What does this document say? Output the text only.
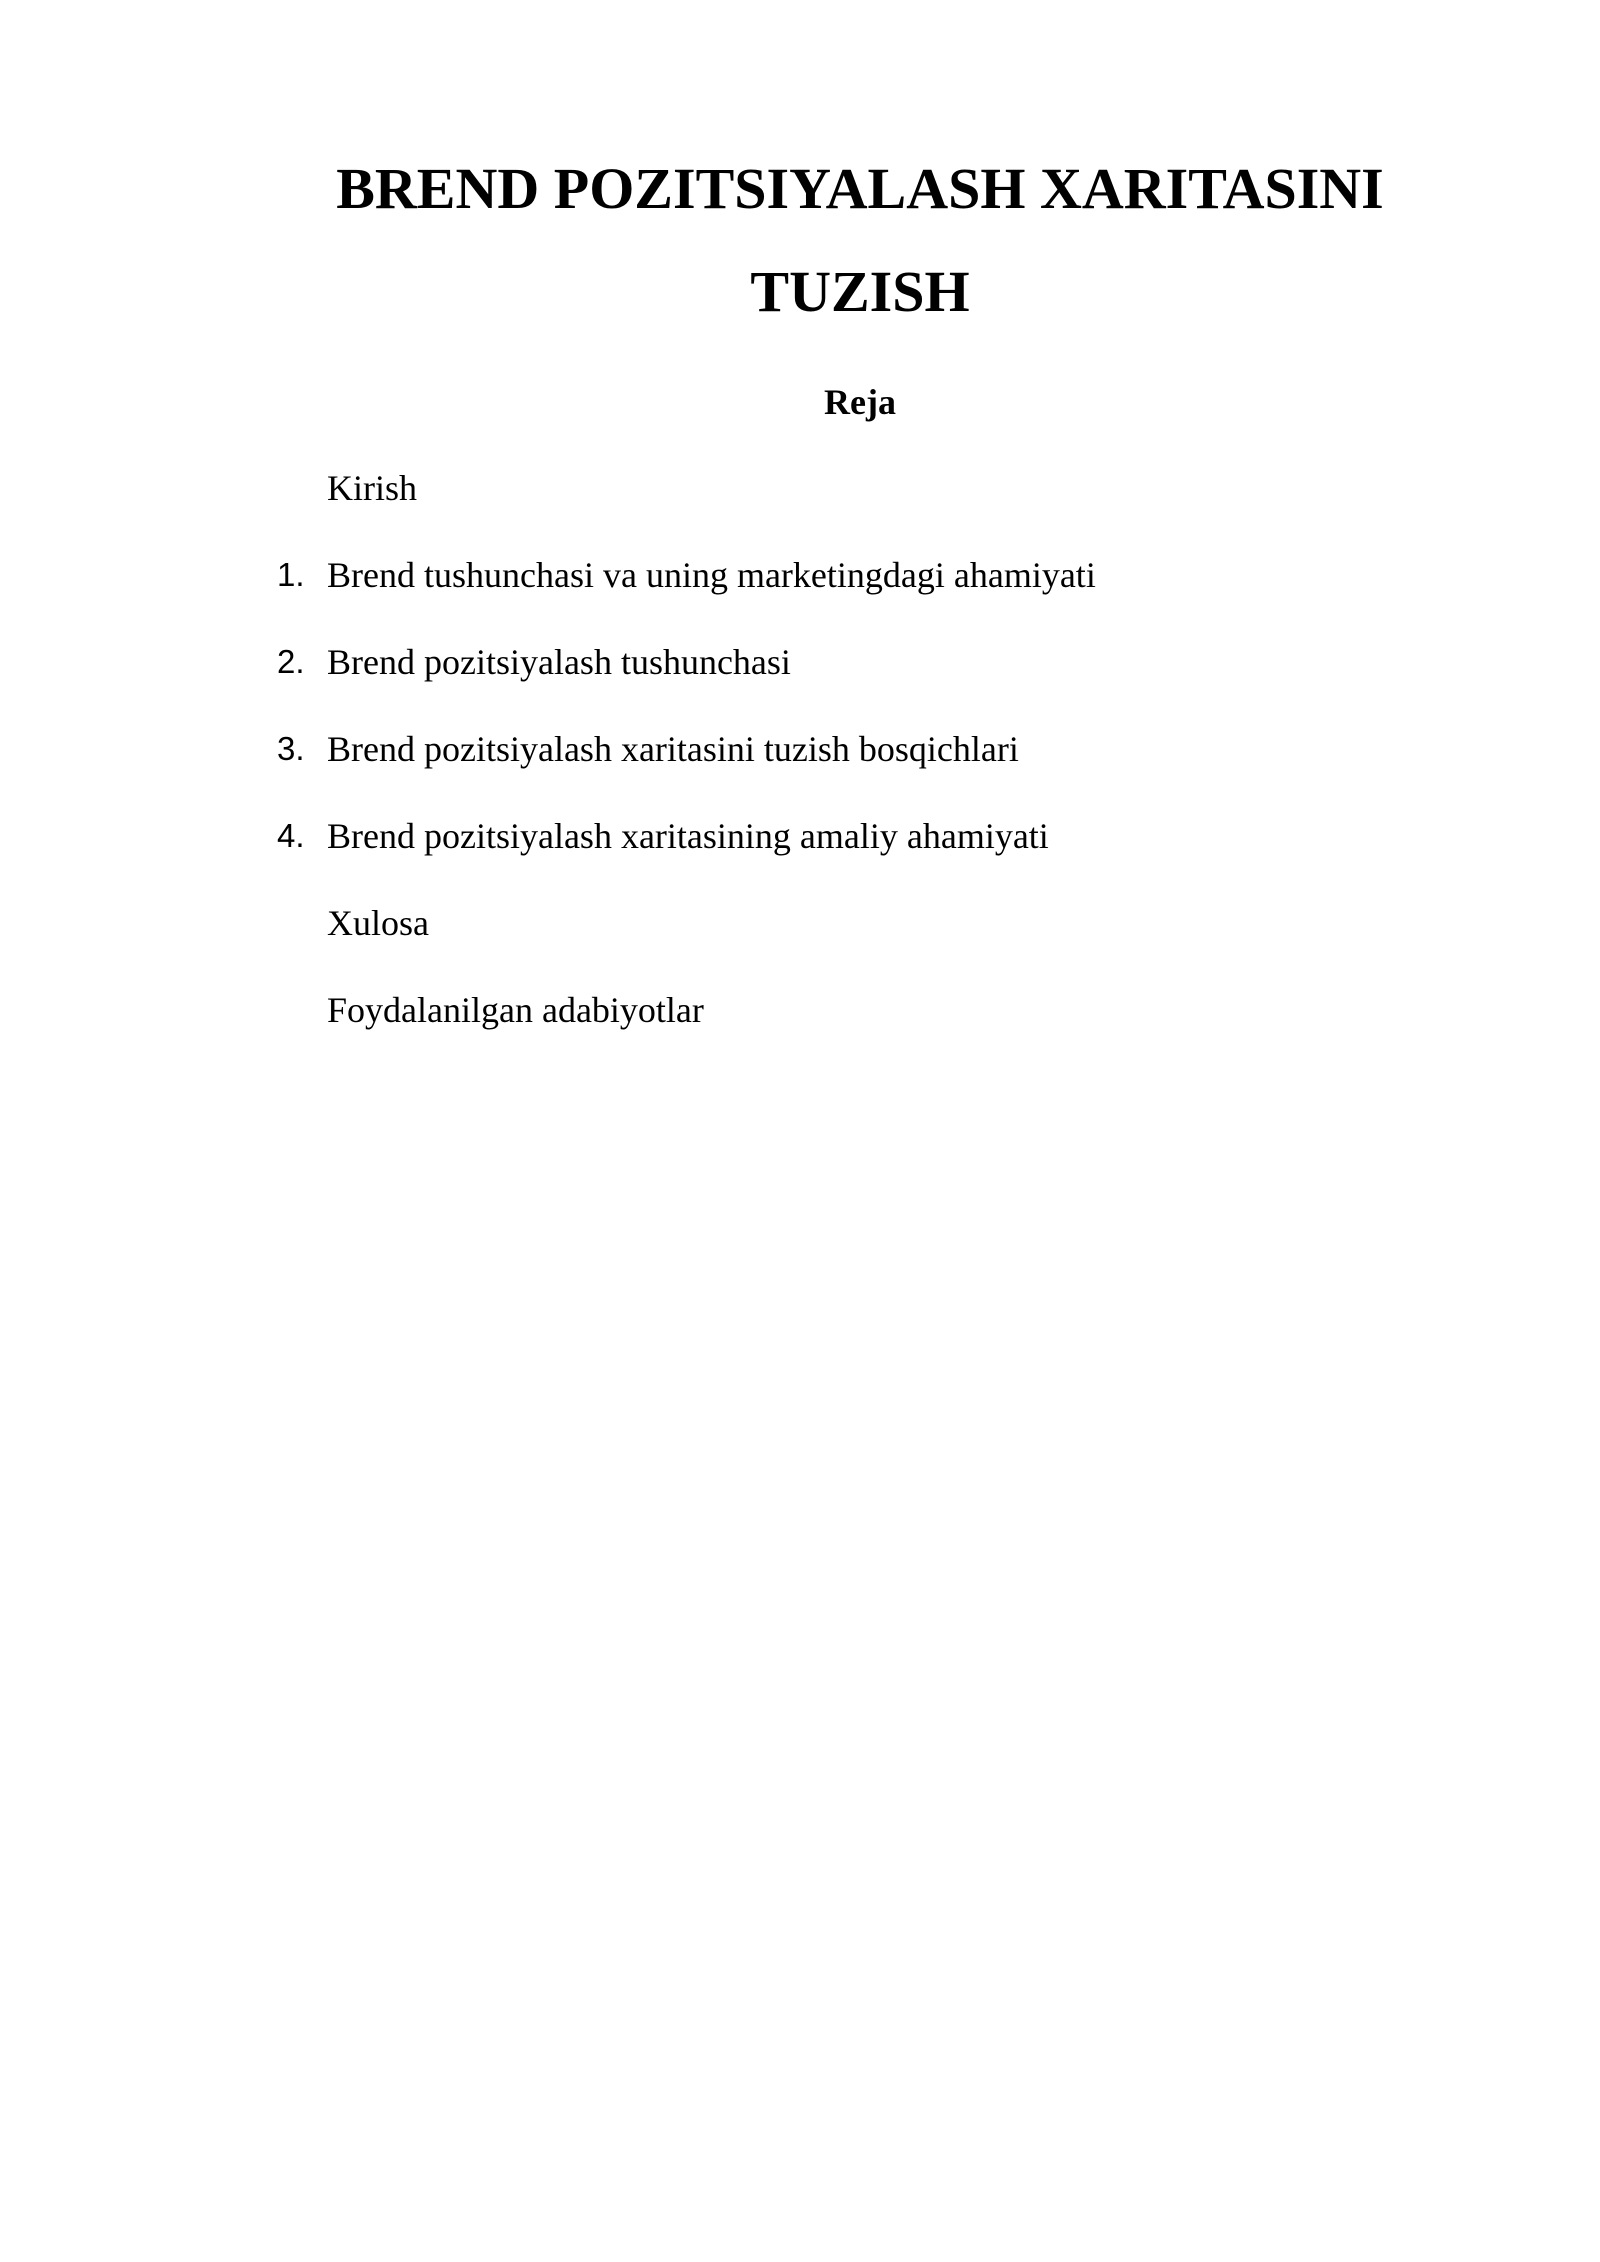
BREND POZITSIYALASH XARITASINI
TUZISH
Reja
Kirish
1. Brend tushunchasi va uning marketingdagi ahamiyati
2. Brend pozitsiyalash tushunchasi
3. Brend pozitsiyalash xaritasini tuzish bosqichlari
4. Brend pozitsiyalash xaritasining amaliy ahamiyati
Xulosa
Foydalanilgan adabiyotlar
